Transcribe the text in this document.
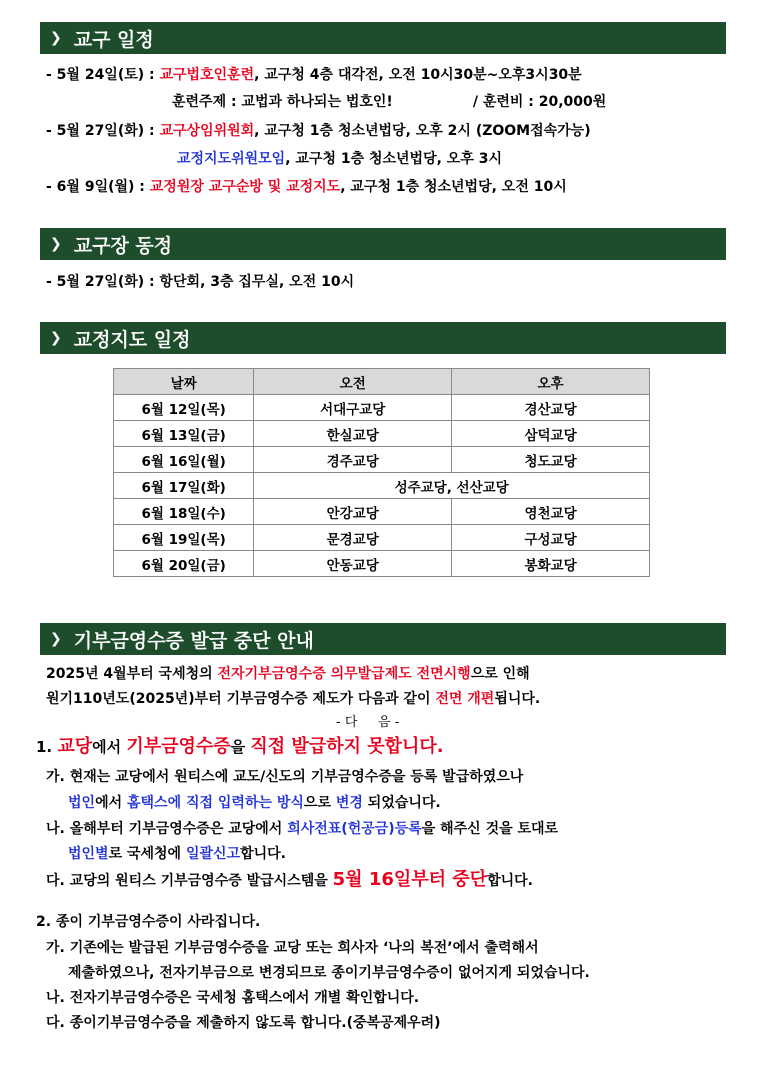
❯ 교구 일정
- 5월 24일(토) : 교구법호인훈련, 교구청 4층 대각전, 오전 10시30분~오후3시30분
훈련주제 : 교법과 하나되는 법호인!	/ 훈련비 : 20,000원
- 5월 27일(화) : 교구상임위원회, 교구청 1층 청소년법당, 오후 2시 (ZOOM접속가능)
교정지도위원모임, 교구청 1층 청소년법당, 오후 3시
- 6월 9일(월) : 교정원장 교구순방 및 교정지도, 교구청 1층 청소년법당, 오전 10시
❯ 교구장 동정
- 5월 27일(화) : 항단회, 3층 집무실, 오전 10시
❯ 교정지도 일정
날짜	오전	오후
6월 12일(목)	서대구교당	경산교당
6월 13일(금)	한실교당	삼덕교당
6월 16일(월)	경주교당	청도교당
6월 17일(화)	성주교당, 선산교당	
6월 18일(수)	안강교당	영천교당
6월 19일(목)	문경교당	구성교당
6월 20일(금)	안동교당	봉화교당
❯ 기부금영수증 발급 중단 안내
2025년 4월부터 국세청의 전자기부금영수증 의무발급제도 전면시행으로 인해
원기110년도(2025년)부터 기부금영수증 제도가 다음과 같이 전면 개편됩니다.
- 다     음 -
1. 교당에서 기부금영수증을 직접 발급하지 못합니다.
가. 현재는 교당에서 원티스에 교도/신도의 기부금영수증을 등록 발급하였으나
법인에서 홈택스에 직접 입력하는 방식으로 변경 되었습니다.
나. 올해부터 기부금영수증은 교당에서 희사전표(헌공금)등록을 해주신 것을 토대로
법인별로 국세청에 일괄신고합니다.
다. 교당의 원티스 기부금영수증 발급시스템을 5월 16일부터 중단합니다.
2. 종이 기부금영수증이 사라집니다.
가. 기존에는 발급된 기부금영수증을 교당 또는 희사자 ‘나의 복전’에서 출력해서
제출하였으나, 전자기부금으로 변경되므로 종이기부금영수증이 없어지게 되었습니다.
나. 전자기부금영수증은 국세청 홈택스에서 개별 확인합니다.
다. 종이기부금영수증을 제출하지 않도록 합니다.(중복공제우려)
